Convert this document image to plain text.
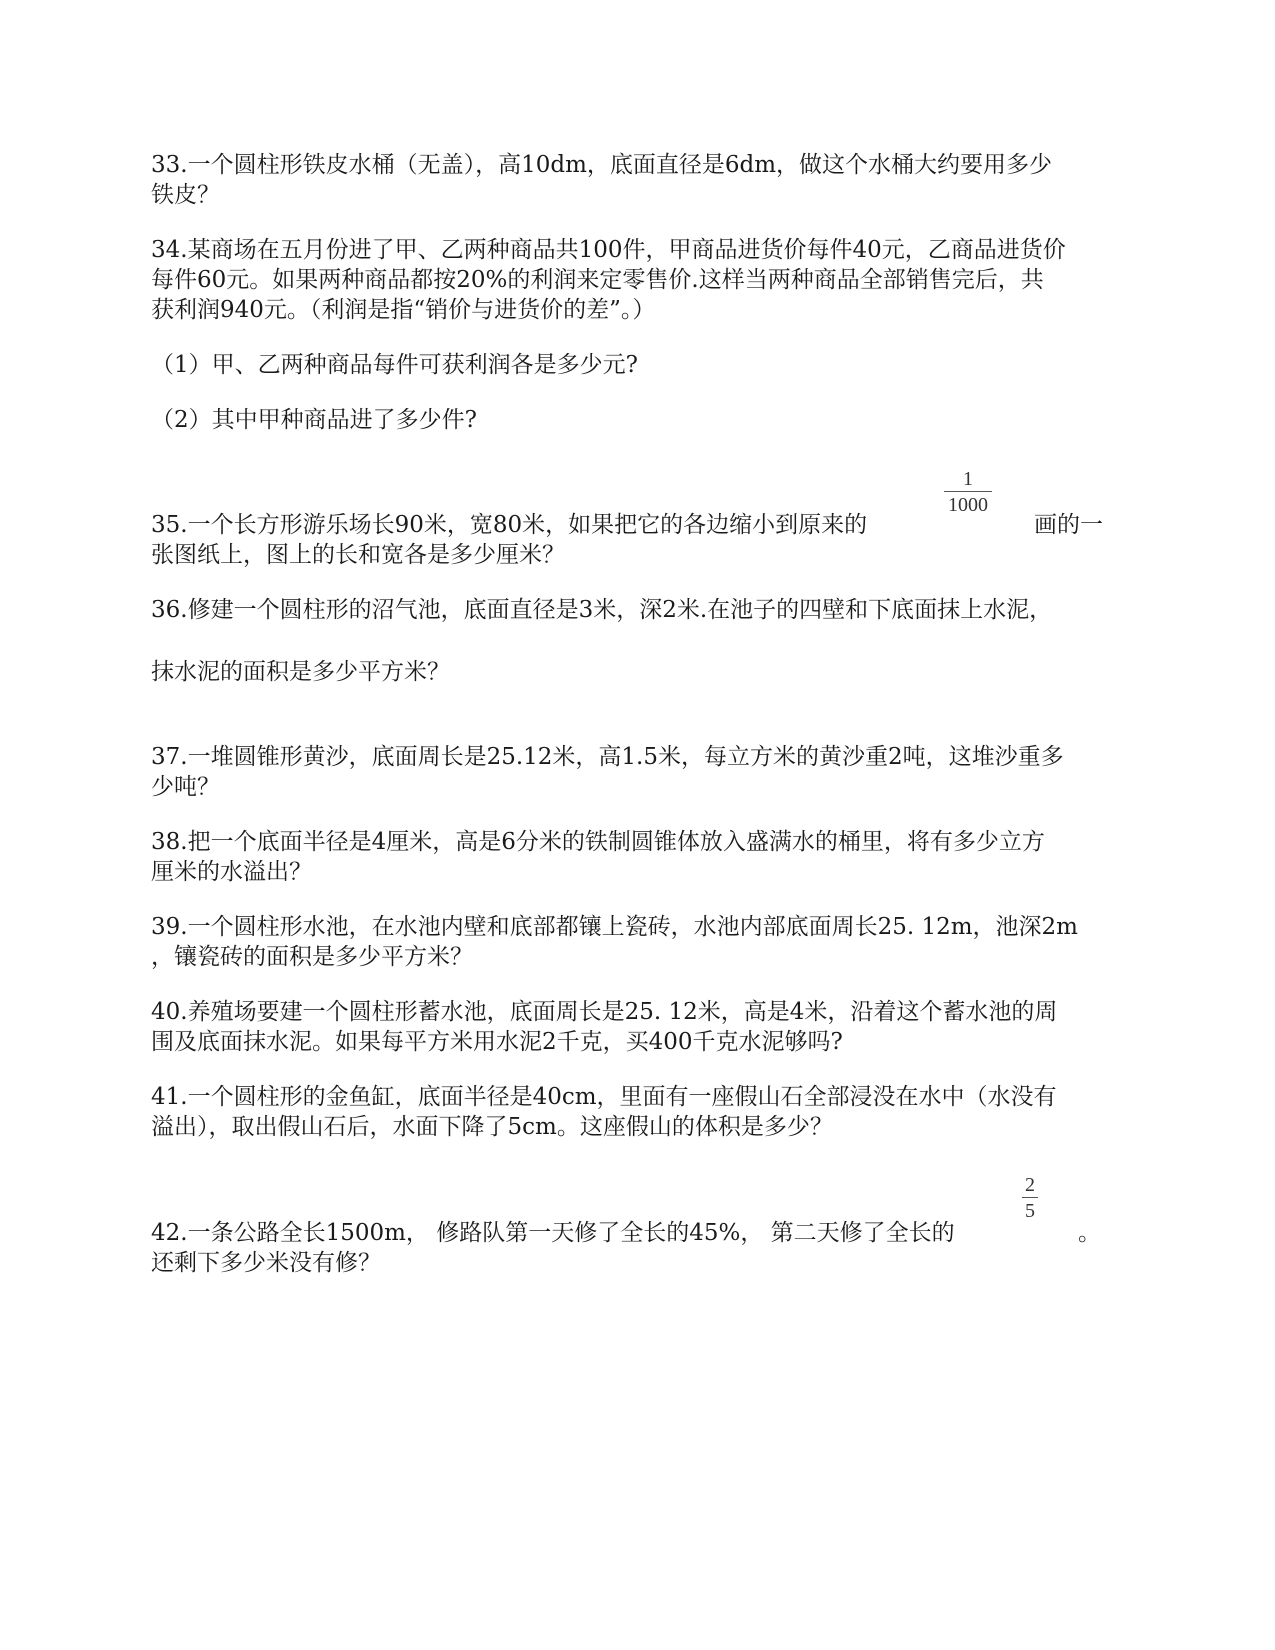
33.一个圆柱形铁皮水桶（无盖），高10dm，底面直径是6dm，做这个水桶大约要用多少
铁皮？
34.某商场在五月份进了甲、乙两种商品共100件，甲商品进货价每件40元，乙商品进货价
每件60元。如果两种商品都按20%的利润来定零售价.这样当两种商品全部销售完后，共
获利润940元。（利润是指“销价与进货价的差”。）
（1）甲、乙两种商品每件可获利润各是多少元?
（2）其中甲种商品进了多少件?
35.一个长方形游乐场长90米，宽80米，如果把它的各边缩小到原来的
1
1000
画的一
张图纸上，图上的长和宽各是多少厘米？
36.修建一个圆柱形的沼气池，底面直径是3米，深2米.在池子的四壁和下底面抹上水泥，
抹水泥的面积是多少平方米？
37.一堆圆锥形黄沙，底面周长是25.12米，高1.5米，每立方米的黄沙重2吨，这堆沙重多
少吨？
38.把一个底面半径是4厘米，高是6分米的铁制圆锥体放入盛满水的桶里，将有多少立方
厘米的水溢出？
39.一个圆柱形水池，在水池内壁和底部都镶上瓷砖，水池内部底面周长25. 12m，池深2m
，镶瓷砖的面积是多少平方米？
40.养殖场要建一个圆柱形蓄水池，底面周长是25. 12米，高是4米，沿着这个蓄水池的周
围及底面抹水泥。如果每平方米用水泥2千克，买400千克水泥够吗?
41.一个圆柱形的金鱼缸，底面半径是40cm，里面有一座假山石全部浸没在水中（水没有
溢出），取出假山石后，水面下降了5cm。这座假山的体积是多少？
42.一条公路全长1500m， 修路队第一天修了全长的45%， 第二天修了全长的
2
5
。
还剩下多少米没有修？
